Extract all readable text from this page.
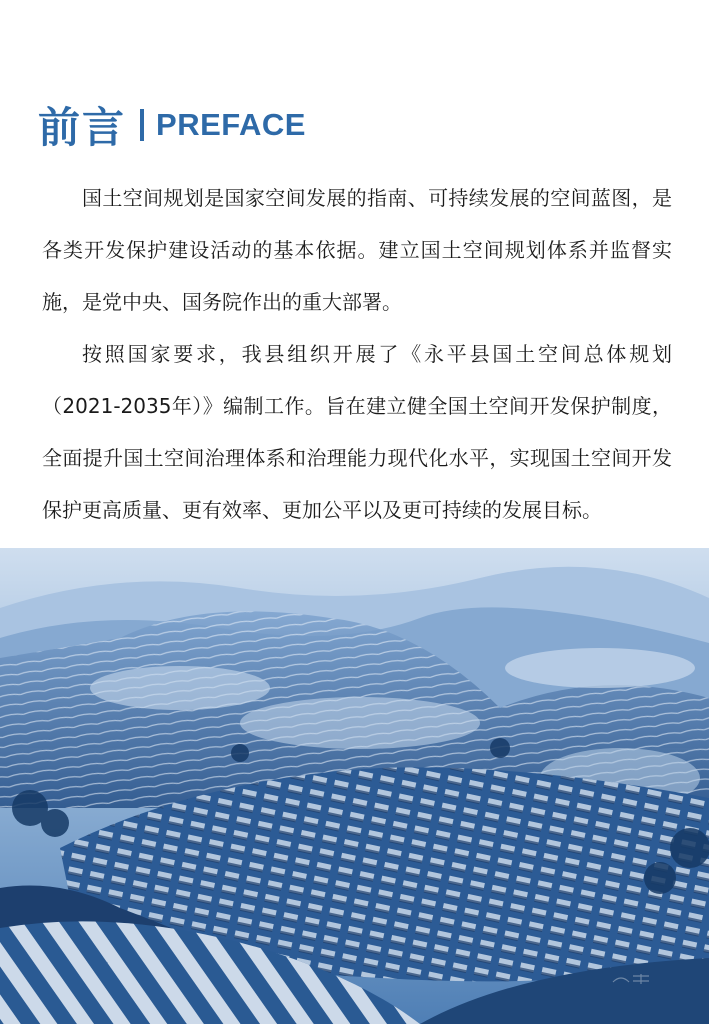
前言 PREFACE

国土空间规划是国家空间发展的指南、可持续发展的空间蓝图，是各类开发保护建设活动的基本依据。建立国土空间规划体系并监督实施，是党中央、国务院作出的重大部署。

按照国家要求，我县组织开展了《永平县国土空间总体规划（2021-2035年）》编制工作。旨在建立健全国土空间开发保护制度，全面提升国土空间治理体系和治理能力现代化水平，实现国土空间开发保护更高质量、更有效率、更加公平以及更可持续的发展目标。
